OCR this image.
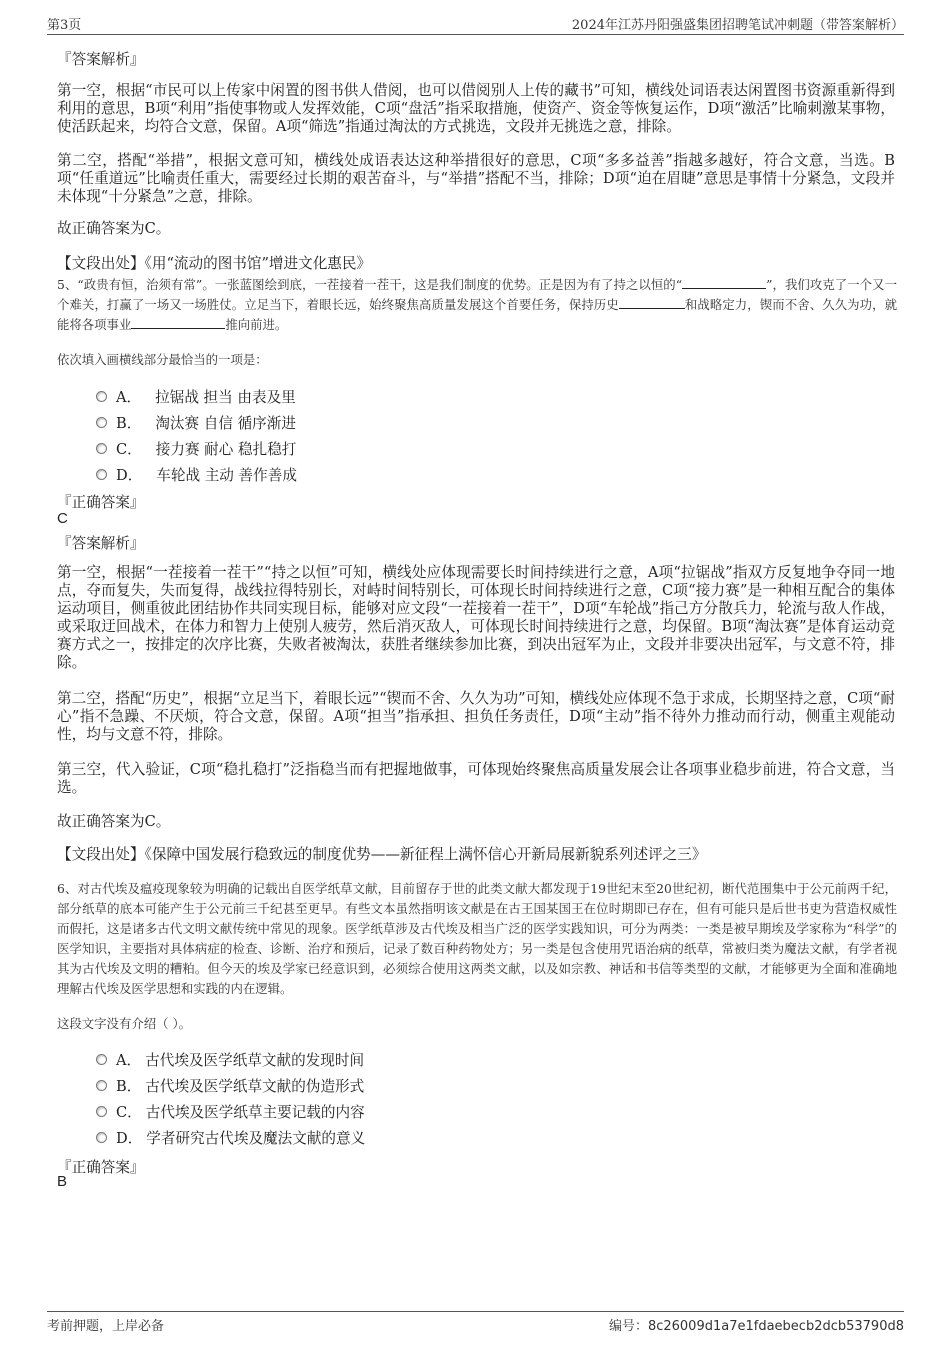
第3页	2024年江苏丹阳强盛集团招聘笔试冲刺题（带答案解析）
『答案解析』
第一空，根据“市民可以上传家中闲置的图书供人借阅，也可以借阅别人上传的藏书”可知，横线处词语表达闲置图书资源重新得到利用的意思，B项“利用”指使事物或人发挥效能，C项“盘活”指采取措施，使资产、资金等恢复运作，D项“激活”比喻刺激某事物，使活跃起来，均符合文意，保留。A项“筛选”指通过淘汰的方式挑选，文段并无挑选之意，排除。
第二空，搭配“举措”，根据文意可知，横线处成语表达这种举措很好的意思，C项“多多益善”指越多越好，符合文意，当选。B项“任重道远”比喻责任重大，需要经过长期的艰苦奋斗，与“举措”搭配不当，排除；D项“迫在眉睫”意思是事情十分紧急，文段并未体现“十分紧急”之意，排除。
故正确答案为C。
【文段出处】《用“流动的图书馆”增进文化惠民》
5、“政贵有恒，治须有常”。一张蓝图绘到底，一茬接着一茬干，这是我们制度的优势。正是因为有了持之以恒的“	”，我们攻克了一个又一个难关，打赢了一场又一场胜仗。立足当下，着眼长远，始终聚焦高质量发展这个首要任务，保持历史	和战略定力，锲而不舍、久久为功，就能将各项事业	推向前进。
依次填入画横线部分最恰当的一项是：
A． 拉锯战 担当 由表及里
B． 淘汰赛 自信 循序渐进
C． 接力赛 耐心 稳扎稳打
D． 车轮战 主动 善作善成
『正确答案』
C
『答案解析』
第一空，根据“一茬接着一茬干”“持之以恒”可知，横线处应体现需要长时间持续进行之意，A项“拉锯战”指双方反复地争夺同一地点，夺而复失，失而复得，战线拉得特别长，对峙时间特别长，可体现长时间持续进行之意，C项“接力赛”是一种相互配合的集体运动项目，侧重彼此团结协作共同实现目标，能够对应文段“一茬接着一茬干”，D项“车轮战”指己方分散兵力，轮流与敌人作战，或采取迂回战术，在体力和智力上使别人疲劳，然后消灭敌人，可体现长时间持续进行之意，均保留。B项“淘汰赛”是体育运动竞赛方式之一，按排定的次序比赛，失败者被淘汰，获胜者继续参加比赛，到决出冠军为止，文段并非要决出冠军，与文意不符，排除。
第二空，搭配“历史”，根据“立足当下，着眼长远”“锲而不舍、久久为功”可知，横线处应体现不急于求成，长期坚持之意，C项“耐心”指不急躁、不厌烦，符合文意，保留。A项“担当”指承担、担负任务责任，D项“主动”指不待外力推动而行动，侧重主观能动性，均与文意不符，排除。
第三空，代入验证，C项“稳扎稳打”泛指稳当而有把握地做事，可体现始终聚焦高质量发展会让各项事业稳步前进，符合文意，当选。
故正确答案为C。
【文段出处】《保障中国发展行稳致远的制度优势——新征程上满怀信心开新局展新貌系列述评之三》
6、对古代埃及瘟疫现象较为明确的记载出自医学纸草文献，目前留存于世的此类文献大都发现于19世纪末至20世纪初，断代范围集中于公元前两千纪，部分纸草的底本可能产生于公元前三千纪甚至更早。有些文本虽然指明该文献是在古王国某国王在位时期即已存在，但有可能只是后世书吏为营造权威性而假托，这是诸多古代文明文献传统中常见的现象。医学纸草涉及古代埃及相当广泛的医学实践知识，可分为两类：一类是被早期埃及学家称为“科学”的医学知识，主要指对具体病症的检查、诊断、治疗和预后，记录了数百种药物处方；另一类是包含使用咒语治病的纸草，常被归类为魔法文献，有学者视其为古代埃及文明的糟粕。但今天的埃及学家已经意识到，必须综合使用这两类文献，以及如宗教、神话和书信等类型的文献，才能够更为全面和准确地理解古代埃及医学思想和实践的内在逻辑。
这段文字没有介绍（ ）。
A． 古代埃及医学纸草文献的发现时间
B． 古代埃及医学纸草文献的伪造形式
C． 古代埃及医学纸草主要记载的内容
D． 学者研究古代埃及魔法文献的意义
『正确答案』
B
考前押题，上岸必备	编号：8c26009d1a7e1fdaebecb2dcb53790d8
